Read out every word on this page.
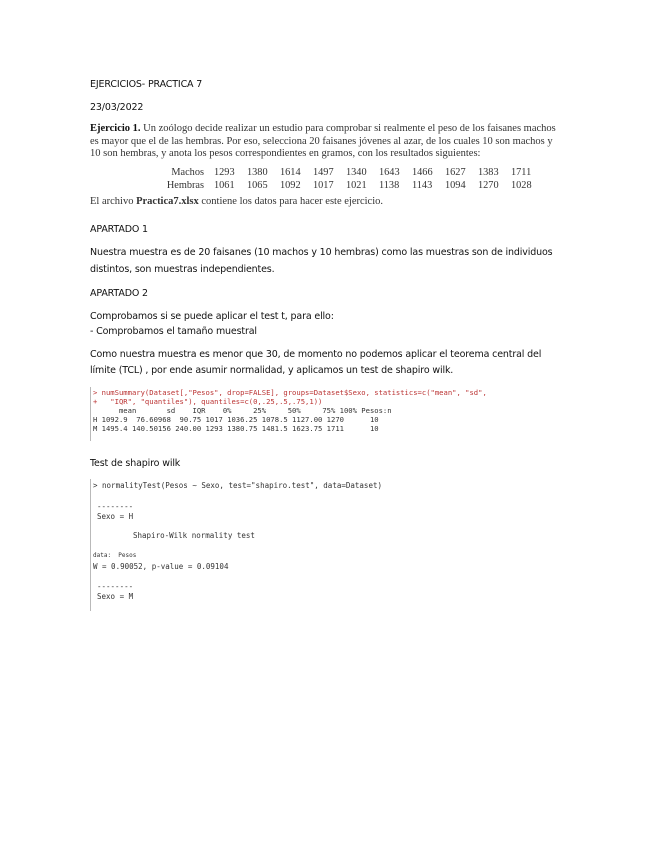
EJERCICIOS- PRACTICA 7
23/03/2022
Ejercicio 1. Un zoólogo decide realizar un estudio para comprobar si realmente el peso de los faisanes machos es mayor que el de las hembras. Por eso, selecciona 20 faisanes jóvenes al azar, de los cuales 10 son machos y 10 son hembras, y anota los pesos correspondientes en gramos, con los resultados siguientes:
Machos 1293	1380	1614	1497	1340	1643	1466	1627	1383	1711
Hembras 1061	1065	1092	1017	1021	1138	1143	1094	1270	1028
El archivo Practica7.xlsx contiene los datos para hacer este ejercicio.
APARTADO 1
Nuestra muestra es de 20 faisanes (10 machos y 10 hembras) como las muestras son de individuos
distintos, son muestras independientes.
APARTADO 2
Comprobamos si se puede aplicar el test t, para ello:
- Comprobamos el tamaño muestral
Como nuestra muestra es menor que 30, de momento no podemos aplicar el teorema central del
límite (TCL) , por ende asumir normalidad, y aplicamos un test de shapiro wilk.
> numSummary(Dataset[,"Pesos", drop=FALSE], groups=Dataset$Sexo, statistics=c("mean", "sd",
+   "IQR", "quantiles"), quantiles=c(0,.25,.5,.75,1))
mean       sd    IQR    0%     25%     50%     75% 100% Pesos:n
H 1092.9  76.60968  90.75 1017 1036.25 1078.5 1127.00 1270      10
M 1495.4 140.50156 240.00 1293 1380.75 1481.5 1623.75 1711      10
Test de shapiro wilk
> normalityTest(Pesos ~ Sexo, test="shapiro.test", data=Dataset)
--------
Sexo = H
Shapiro-Wilk normality test
data:  Pesos
W = 0.90052, p-value = 0.09104
--------
Sexo = M
